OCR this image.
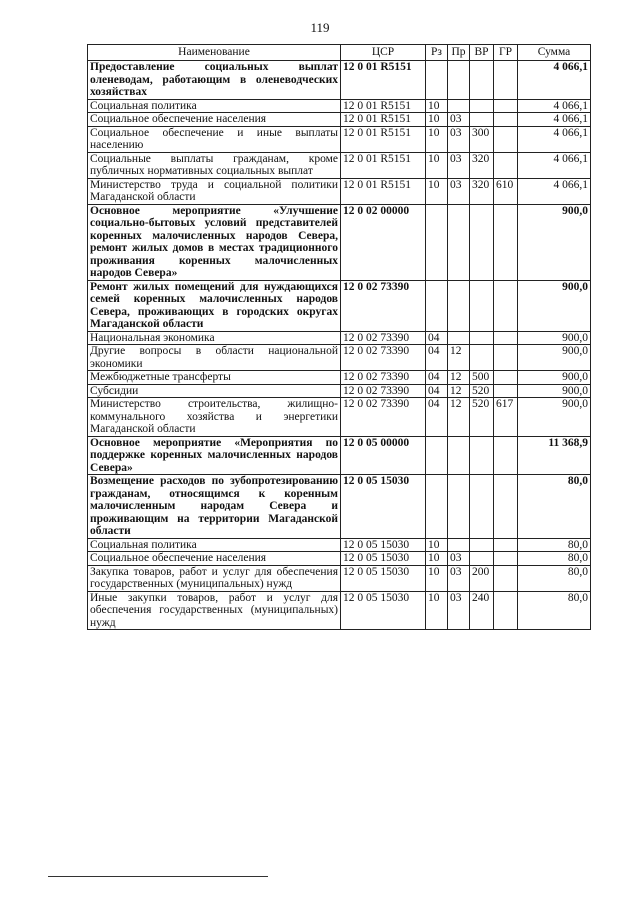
119
Наименование	ЦСР	Рз	Пр	ВР	ГР	Сумма
Предоставление социальных выплат оленеводам, работающим в оленеводческих хозяйствах	12 0 01 R5151					4 066,1
Социальная политика	12 0 01 R5151	10				4 066,1
Социальное обеспечение населения	12 0 01 R5151	10	03			4 066,1
Социальное обеспечение и иные выплаты населению	12 0 01 R5151	10	03	300		4 066,1
Социальные выплаты гражданам, кроме публичных нормативных социальных выплат	12 0 01 R5151	10	03	320		4 066,1
Министерство труда и социальной политики Магаданской области	12 0 01 R5151	10	03	320	610	4 066,1
Основное мероприятие «Улучшение социально-бытовых условий представителей коренных малочисленных народов Севера, ремонт жилых домов в местах традиционного проживания коренных малочисленных народов Севера»	12 0 02 00000					900,0
Ремонт жилых помещений для нуждающихся семей коренных малочисленных народов Севера, проживающих в городских округах Магаданской области	12 0 02 73390					900,0
Национальная экономика	12 0 02 73390	04				900,0
Другие вопросы в области национальной экономики	12 0 02 73390	04	12			900,0
Межбюджетные трансферты	12 0 02 73390	04	12	500		900,0
Субсидии	12 0 02 73390	04	12	520		900,0
Министерство строительства, жилищно-коммунального хозяйства и энергетики Магаданской области	12 0 02 73390	04	12	520	617	900,0
Основное мероприятие «Мероприятия по поддержке коренных малочисленных народов Севера»	12 0 05 00000					11 368,9
Возмещение расходов по зубопротезированию гражданам, относящимся к коренным малочисленным народам Севера и проживающим на территории Магаданской области	12 0 05 15030					80,0
Социальная политика	12 0 05 15030	10				80,0
Социальное обеспечение населения	12 0 05 15030	10	03			80,0
Закупка товаров, работ и услуг для обеспечения государственных (муниципальных) нужд	12 0 05 15030	10	03	200		80,0
Иные закупки товаров, работ и услуг для обеспечения государственных (муниципальных) нужд	12 0 05 15030	10	03	240		80,0
